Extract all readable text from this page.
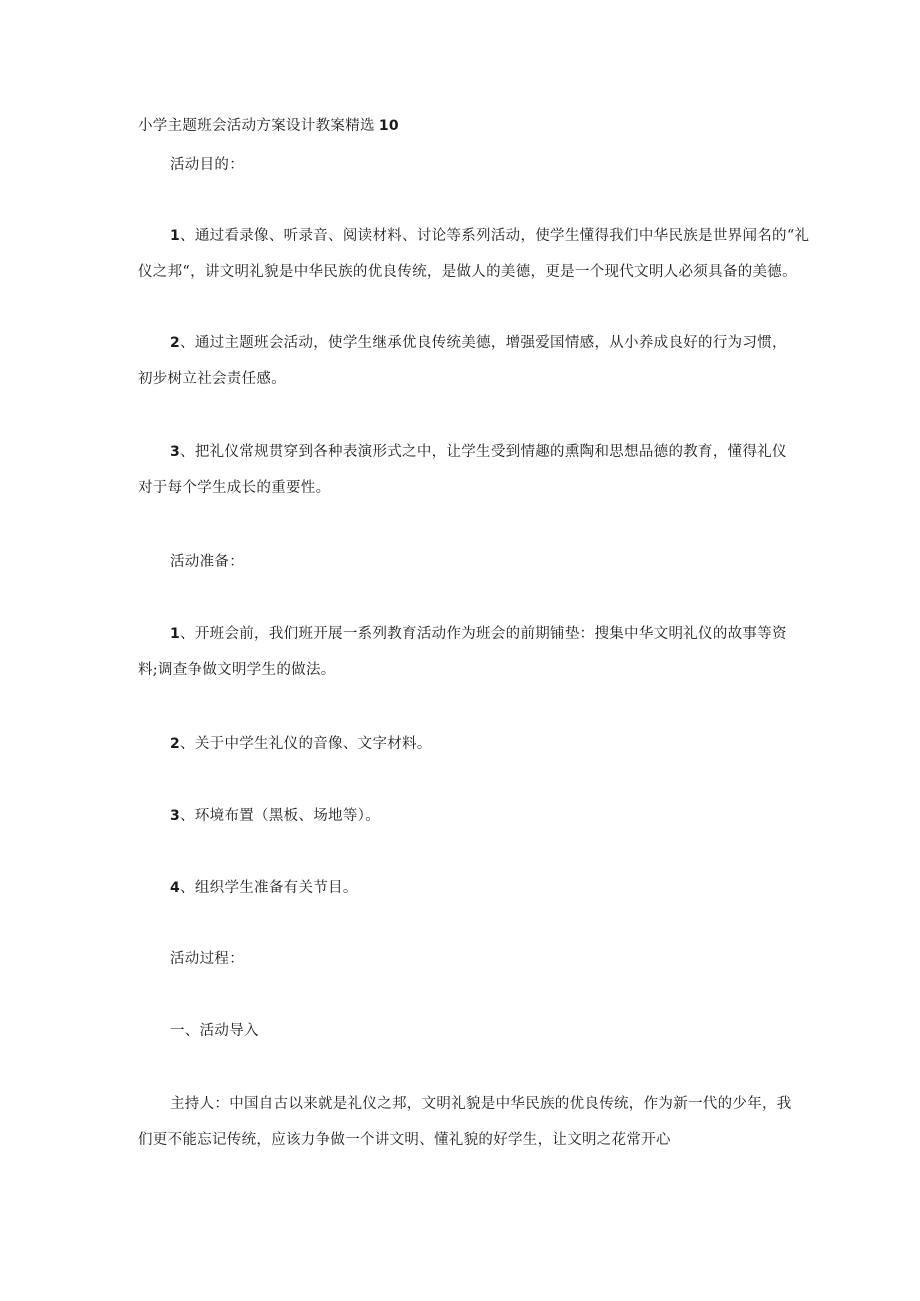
小学主题班会活动方案设计教案精选 10
活动目的：
1、通过看录像、听录音、阅读材料、讨论等系列活动，使学生懂得我们中华民族是世界闻名的“礼
仪之邦“，讲文明礼貌是中华民族的优良传统，是做人的美德，更是一个现代文明人必须具备的美德。
2、通过主题班会活动，使学生继承优良传统美德，增强爱国情感，从小养成良好的行为习惯，
初步树立社会责任感。
3、把礼仪常规贯穿到各种表演形式之中，让学生受到情趣的熏陶和思想品德的教育，懂得礼仪
对于每个学生成长的重要性。
活动准备：
1、开班会前，我们班开展一系列教育活动作为班会的前期铺垫：搜集中华文明礼仪的故事等资
料;调查争做文明学生的做法。
2、关于中学生礼仪的音像、文字材料。
3、环境布置（黑板、场地等）。
4、组织学生准备有关节目。
活动过程：
一、活动导入
主持人：中国自古以来就是礼仪之邦，文明礼貌是中华民族的优良传统，作为新一代的少年，我
们更不能忘记传统，应该力争做一个讲文明、懂礼貌的好学生，让文明之花常开心
